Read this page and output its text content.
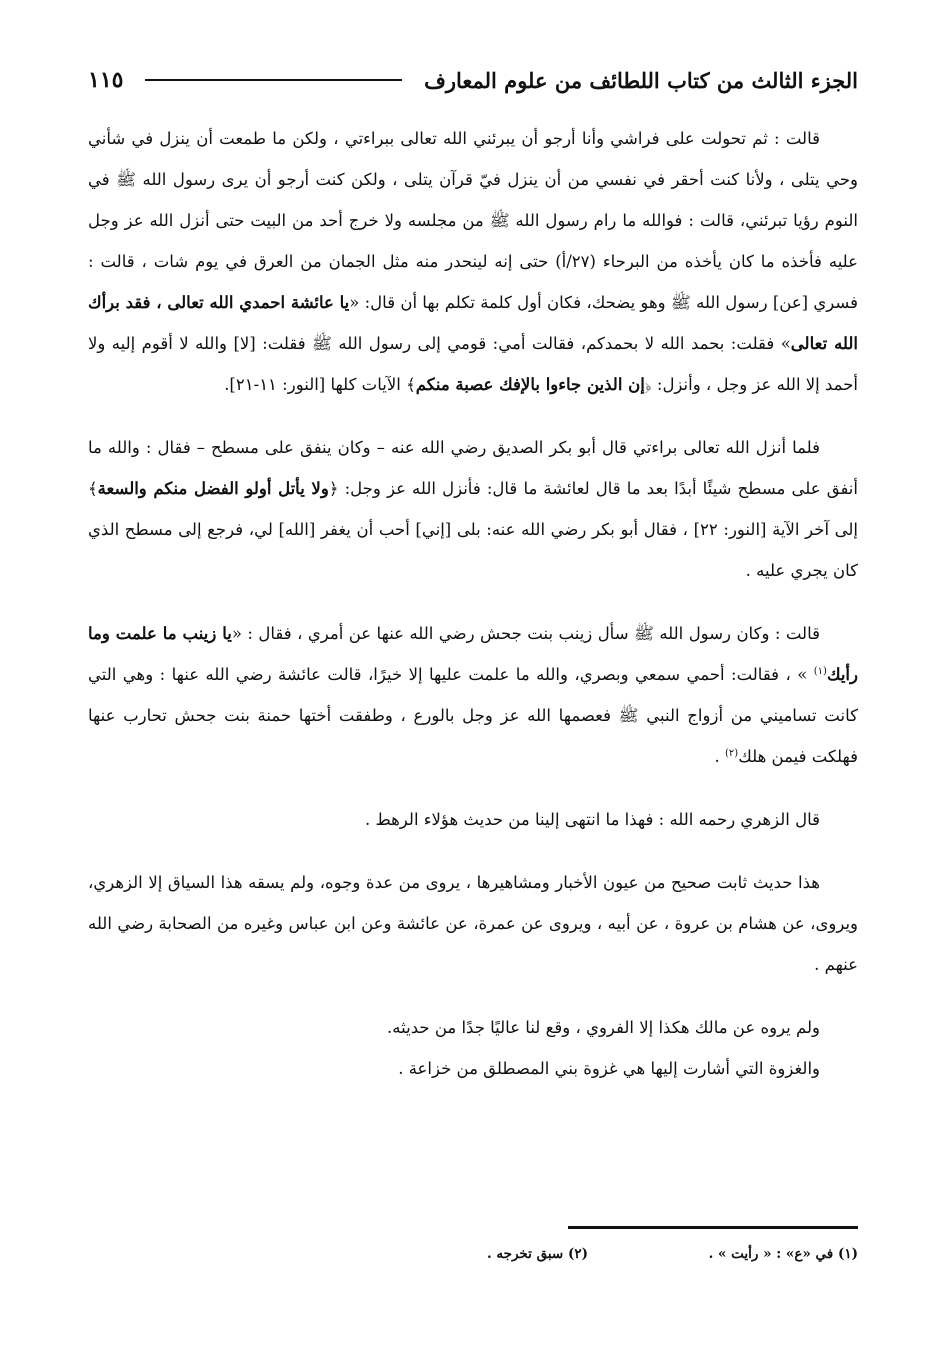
الجزء الثالث من كتاب اللطائف من علوم المعارف
١١٥

قالت : ثم تحولت على فراشي وأنا أرجو أن يبرئني الله تعالى ببراءتي ، ولكن ما طمعت أن ينزل في شأني وحي يتلى ، ولأنا كنت أحقر في نفسي من أن ينزل فيّ قرآن يتلى ، ولكن كنت أرجو أن يرى رسول الله ﷺ في النوم رؤيا تبرئني، قالت : فوالله ما رام رسول الله ﷺ من مجلسه ولا خرج أحد من البيت حتى أنزل الله عز وجل عليه فأخذه ما كان يأخذه من البرحاء (٢٧/أ) حتى إنه لينحدر منه مثل الجمان من العرق في يوم شات ، قالت : فسري [عن] رسول الله ﷺ وهو يضحك، فكان أول كلمة تكلم بها أن قال: «يا عائشة احمدي الله تعالى ، فقد برأك الله تعالى» فقلت: بحمد الله لا بحمدكم، فقالت أمي: قومي إلى رسول الله ﷺ فقلت: [لا] والله لا أقوم إليه ولا أحمد إلا الله عز وجل ، وأنزل: ﴿إن الذين جاءوا بالإفك عصبة منكم﴾ الآيات كلها [النور: ١١-٢١].

فلما أنزل الله تعالى براءتي قال أبو بكر الصديق رضي الله عنه – وكان ينفق على مسطح – فقال : والله ما أنفق على مسطح شيئًا أبدًا بعد ما قال لعائشة ما قال: فأنزل الله عز وجل: ﴿ولا يأتل أولو الفضل منكم والسعة﴾ إلى آخر الآية [النور: ٢٢] ، فقال أبو بكر رضي الله عنه: بلى [إني] أحب أن يغفر [الله] لي، فرجع إلى مسطح الذي كان يجري عليه .

قالت : وكان رسول الله ﷺ سأل زينب بنت جحش رضي الله عنها عن أمري ، فقال : «يا زينب ما علمت وما رأيك$^{(١)}$ » ، فقالت: أحمي سمعي وبصري، والله ما علمت عليها إلا خيرًا، قالت عائشة رضي الله عنها : وهي التي كانت تساميني من أزواج النبي ﷺ فعصمها الله عز وجل بالورع ، وطفقت أختها حمنة بنت جحش تحارب عنها فهلكت فيمن هلك$^{(٢)}$ .

قال الزهري رحمه الله : فهذا ما انتهى إلينا من حديث هؤلاء الرهط .

هذا حديث ثابت صحيح من عيون الأخبار ومشاهيرها ، يروى من عدة وجوه، ولم يسقه هذا السياق إلا الزهري، ويروى، عن هشام بن عروة ، عن أبيه ، ويروى عن عمرة، عن عائشة وعن ابن عباس وغيره من الصحابة رضي الله عنهم .

ولم يروه عن مالك هكذا إلا الفروي ، وقع لنا عاليًا جدًا من حديثه.

والغزوة التي أشارت إليها هي غزوة بني المصطلق من خزاعة .

(١) في «ع» : « رأيت » .
(٢) سبق تخرجه .
